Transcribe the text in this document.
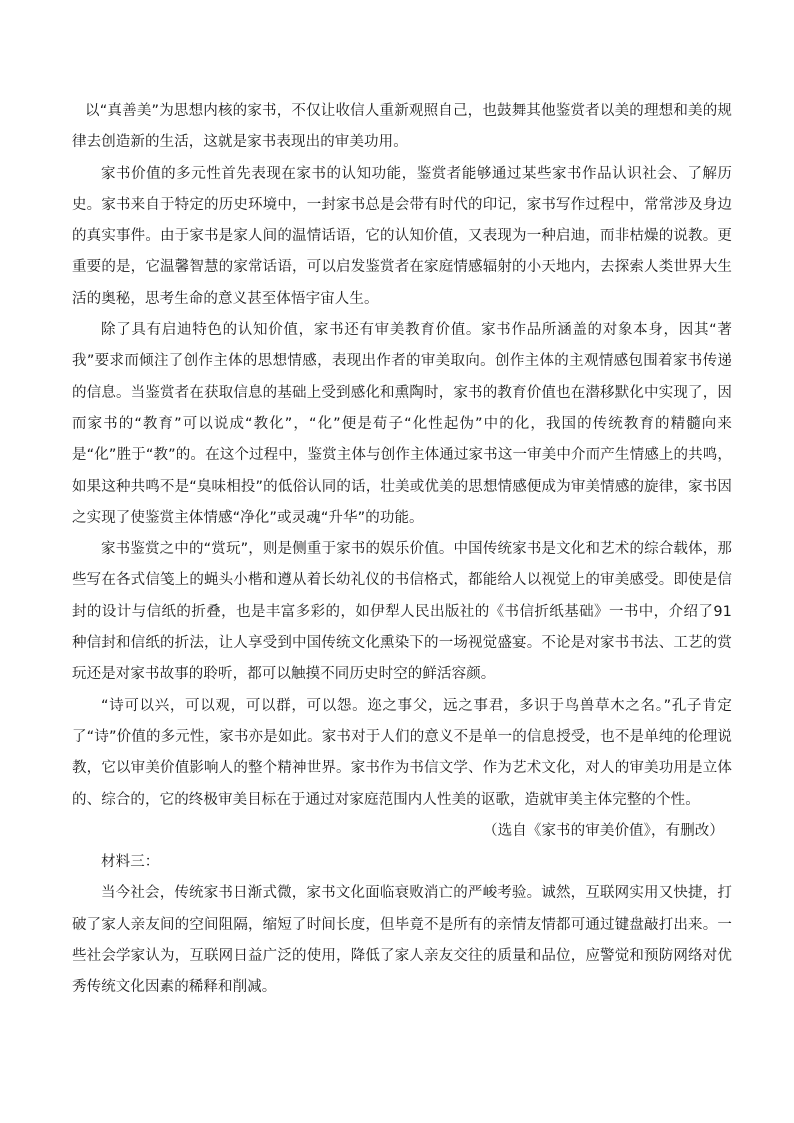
以“真善美”为思想内核的家书，不仅让收信人重新观照自己，也鼓舞其他鉴赏者以美的理想和美的规律去创造新的生活，这就是家书表现出的审美功用。

家书价值的多元性首先表现在家书的认知功能，鉴赏者能够通过某些家书作品认识社会、了解历史。家书来自于特定的历史环境中，一封家书总是会带有时代的印记，家书写作过程中，常常涉及身边的真实事件。由于家书是家人间的温情话语，它的认知价值，又表现为一种启迪，而非枯燥的说教。更重要的是，它温馨智慧的家常话语，可以启发鉴赏者在家庭情感辐射的小天地内，去探索人类世界大生活的奥秘，思考生命的意义甚至体悟宇宙人生。

除了具有启迪特色的认知价值，家书还有审美教育价值。家书作品所涵盖的对象本身，因其“著我”要求而倾注了创作主体的思想情感，表现出作者的审美取向。创作主体的主观情感包围着家书传递的信息。当鉴赏者在获取信息的基础上受到感化和熏陶时，家书的教育价值也在潜移默化中实现了，因而家书的“教育”可以说成“教化”，“化”便是荀子“化性起伪”中的化，我国的传统教育的精髓向来是“化”胜于“教”的。在这个过程中，鉴赏主体与创作主体通过家书这一审美中介而产生情感上的共鸣，如果这种共鸣不是“臭味相投”的低俗认同的话，壮美或优美的思想情感便成为审美情感的旋律，家书因之实现了使鉴赏主体情感“净化”或灵魂“升华”的功能。

家书鉴赏之中的“赏玩”，则是侧重于家书的娱乐价值。中国传统家书是文化和艺术的综合载体，那些写在各式信笺上的蝇头小楷和遵从着长幼礼仪的书信格式，都能给人以视觉上的审美感受。即使是信封的设计与信纸的折叠，也是丰富多彩的，如伊犁人民出版社的《书信折纸基础》一书中，介绍了91种信封和信纸的折法，让人享受到中国传统文化熏染下的一场视觉盛宴。不论是对家书书法、工艺的赏玩还是对家书故事的聆听，都可以触摸不同历史时空的鲜活容颜。

“诗可以兴，可以观，可以群，可以怨。迩之事父，远之事君，多识于鸟兽草木之名。”孔子肯定了“诗”价值的多元性，家书亦是如此。家书对于人们的意义不是单一的信息授受，也不是单纯的伦理说教，它以审美价值影响人的整个精神世界。家书作为书信文学、作为艺术文化，对人的审美功用是立体的、综合的，它的终极审美目标在于通过对家庭范围内人性美的讴歌，造就审美主体完整的个性。

（选自《家书的审美价值》，有删改）

材料三：

当今社会，传统家书日渐式微，家书文化面临衰败消亡的严峻考验。诚然，互联网实用又快捷，打破了家人亲友间的空间阻隔，缩短了时间长度，但毕竟不是所有的亲情友情都可通过键盘敲打出来。一些社会学家认为，互联网日益广泛的使用，降低了家人亲友交往的质量和品位，应警觉和预防网络对优秀传统文化因素的稀释和削减。
